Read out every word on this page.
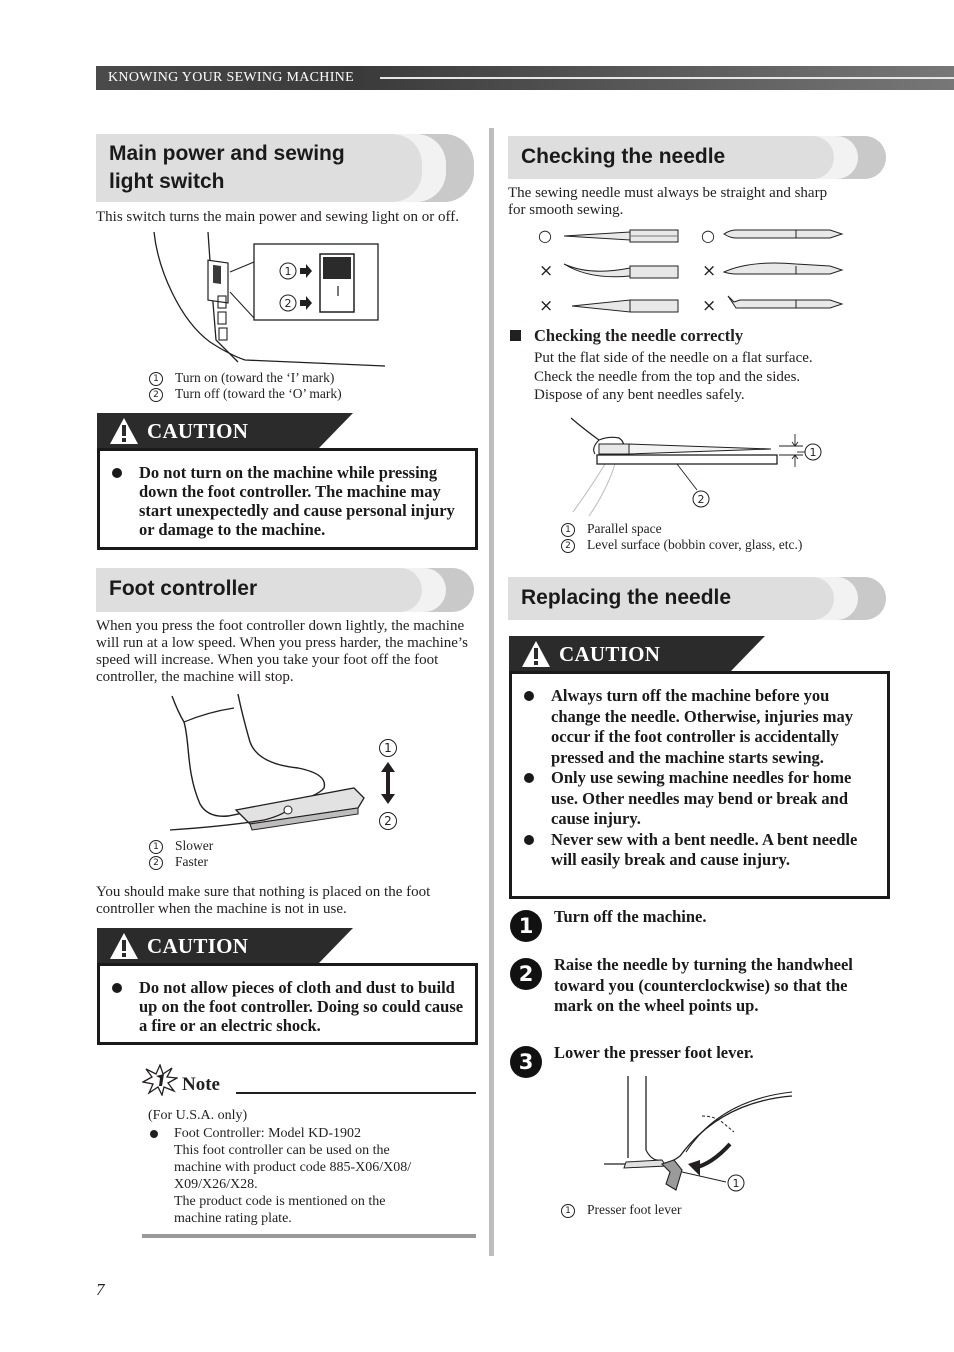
KNOWING YOUR SEWING MACHINE
Main power and sewing
light switch
This switch turns the main power and sewing light on or off.
1
2
1 Turn on (toward the ‘I’ mark)
2 Turn off (toward the ‘O’ mark)
CAUTION
Do not turn on the machine while pressing down the foot controller. The machine may start unexpectedly and cause personal injury or damage to the machine.
Foot controller
When you press the foot controller down lightly, the machine will run at a low speed. When you press harder, the machine’s speed will increase. When you take your foot off the foot controller, the machine will stop.
1
2
1 Slower
2 Faster
You should make sure that nothing is placed on the foot controller when the machine is not in use.
CAUTION
Do not allow pieces of cloth and dust to build up on the foot controller. Doing so could cause a fire or an electric shock.
Note
(For U.S.A. only)
Foot Controller: Model KD-1902
This foot controller can be used on the
machine with product code 885-X06/X08/
X09/X26/X28.
The product code is mentioned on the
machine rating plate.
7
Checking the needle
The sewing needle must always be straight and sharp
for smooth sewing.
○	○
×	×
×	×
Checking the needle correctly
Put the flat side of the needle on a flat surface.
Check the needle from the top and the sides.
Dispose of any bent needles safely.
1
2
1 Parallel space
2 Level surface (bobbin cover, glass, etc.)
Replacing the needle
CAUTION
Always turn off the machine before you change the needle. Otherwise, injuries may occur if the foot controller is accidentally pressed and the machine starts sewing.
Only use sewing machine needles for home use. Other needles may bend or break and cause injury.
Never sew with a bent needle. A bent needle will easily break and cause injury.
1	Turn off the machine.
2	Raise the needle by turning the handwheel toward you (counterclockwise) so that the mark on the wheel points up.
3	Lower the presser foot lever.
1
1 Presser foot lever
